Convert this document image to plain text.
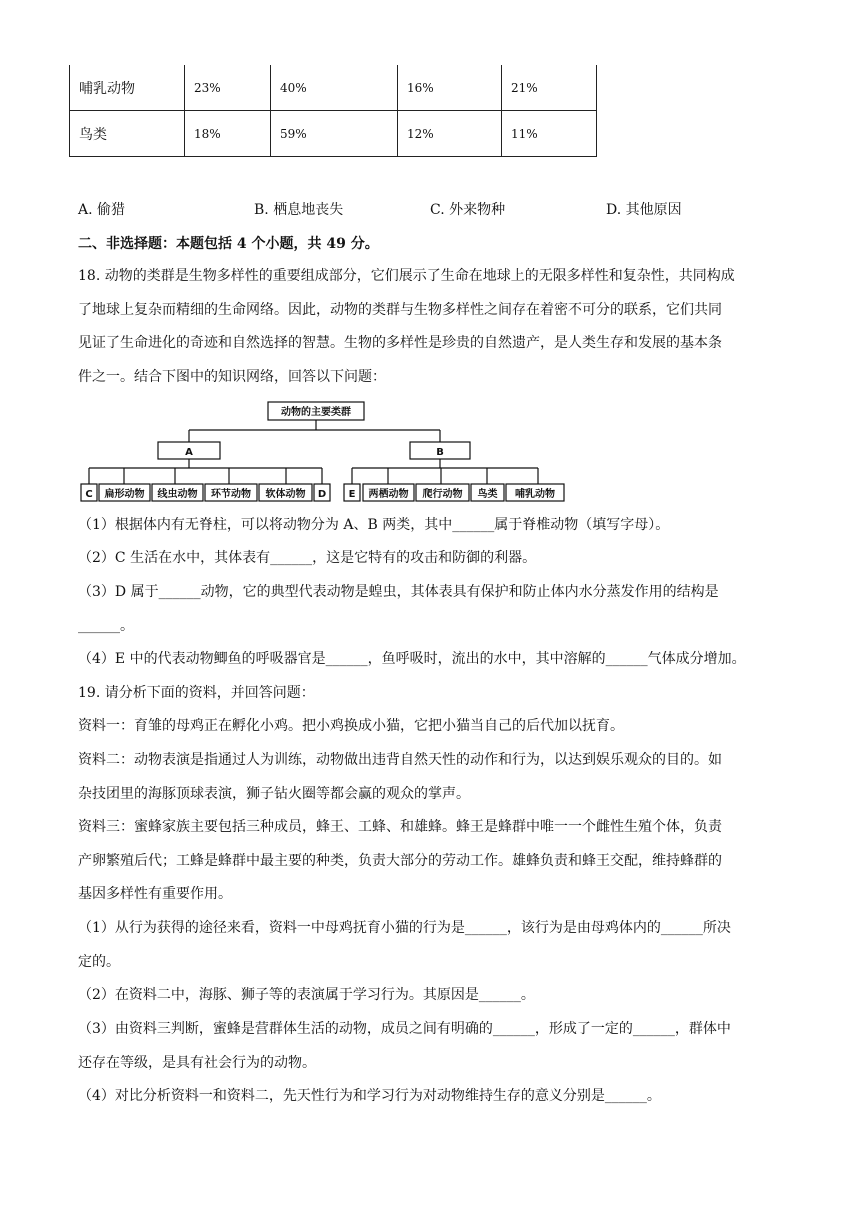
哺乳动物	23%	40%	16%	21%
鸟类	18%	59%	12%	11%
A. 偷猎	B. 栖息地丧失	C. 外来物种	D. 其他原因
二、非选择题：本题包括 4 个小题，共 49 分。
18. 动物的类群是生物多样性的重要组成部分，它们展示了生命在地球上的无限多样性和复杂性，共同构成
了地球上复杂而精细的生命网络。因此，动物的类群与生物多样性之间存在着密不可分的联系，它们共同
见证了生命进化的奇迹和自然选择的智慧。生物的多样性是珍贵的自然遗产，是人类生存和发展的基本条
件之一。结合下图中的知识网络，回答以下问题：
动物的主要类群
A	B
C 扁形动物 线虫动物 环节动物 软体动物 D E 两栖动物 爬行动物 鸟类 哺乳动物
（1）根据体内有无脊柱，可以将动物分为 A、B 两类，其中______属于脊椎动物（填写字母）。
（2）C 生活在水中，其体表有______，这是它特有的攻击和防御的利器。
（3）D 属于______动物，它的典型代表动物是蝗虫，其体表具有保护和防止体内水分蒸发作用的结构是
______。
（4）E 中的代表动物鲫鱼的呼吸器官是______，鱼呼吸时，流出的水中，其中溶解的______气体成分增加。
19. 请分析下面的资料，并回答问题：
资料一：育雏的母鸡正在孵化小鸡。把小鸡换成小猫，它把小猫当自己的后代加以抚育。
资料二：动物表演是指通过人为训练，动物做出违背自然天性的动作和行为，以达到娱乐观众的目的。如
杂技团里的海豚顶球表演，狮子钻火圈等都会赢的观众的掌声。
资料三：蜜蜂家族主要包括三种成员，蜂王、工蜂、和雄蜂。蜂王是蜂群中唯一一个雌性生殖个体，负责
产卵繁殖后代；工蜂是蜂群中最主要的种类，负责大部分的劳动工作。雄蜂负责和蜂王交配，维持蜂群的
基因多样性有重要作用。
（1）从行为获得的途径来看，资料一中母鸡抚育小猫的行为是______，该行为是由母鸡体内的______所决
定的。
（2）在资料二中，海豚、狮子等的表演属于学习行为。其原因是______。
（3）由资料三判断，蜜蜂是营群体生活的动物，成员之间有明确的______，形成了一定的______，群体中
还存在等级，是具有社会行为的动物。
（4）对比分析资料一和资料二，先天性行为和学习行为对动物维持生存的意义分别是______。
